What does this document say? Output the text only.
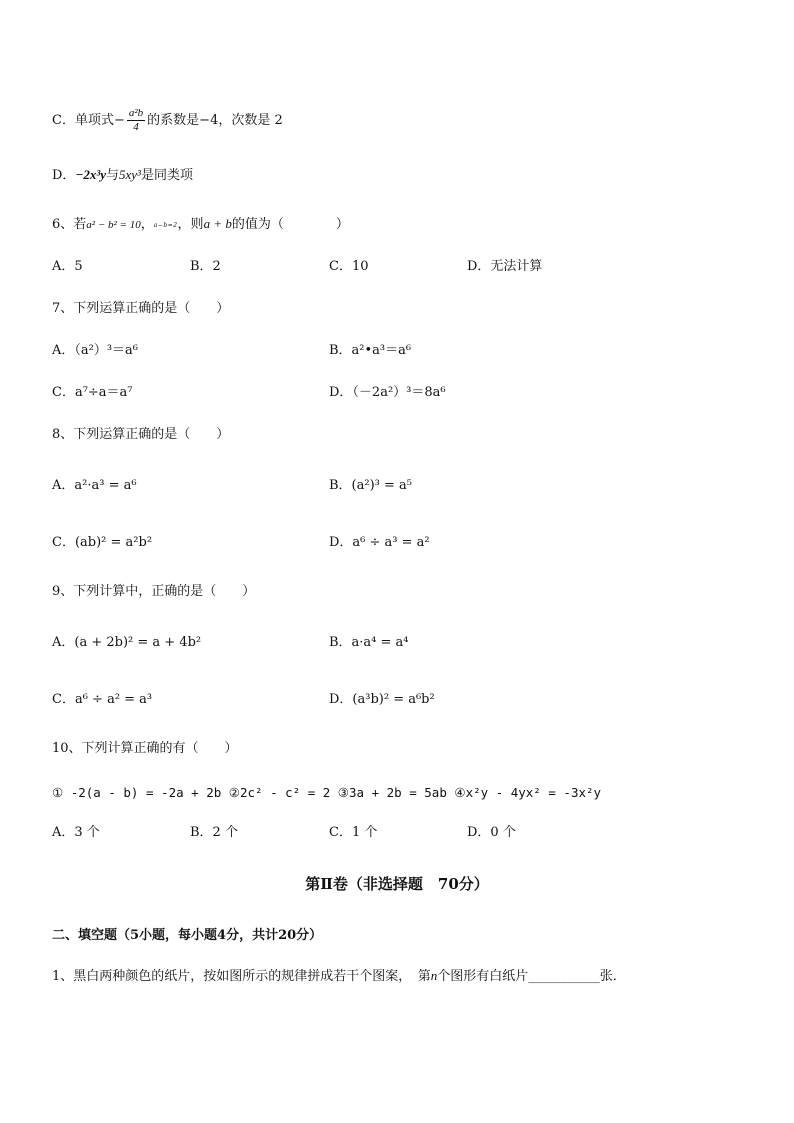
C．单项式− $\frac{\text{a²b}}{4}$ 的系数是−4，次数是 2
D．−2x³y与5xy³是同类项
6、若a² − b² = 10，a−b=2，则a + b的值为（　　　　）
A．5	B．2	C．10	D．无法计算
7、下列运算正确的是（　　）
A．（a²）³＝a⁶	B．a²•a³＝a⁶
C．a⁷÷a＝a⁷	D．（－2a²）³＝8a⁶
8、下列运算正确的是（　　）
A．a²·a³ = a⁶	B．(a²)³ = a⁵
C．(ab)² = a²b²	D．a⁶ ÷ a³ = a²
9、下列计算中，正确的是（　　）
A．(a + 2b)² = a + 4b²	B．a·a⁴ = a⁴
C．a⁶ ÷ a² = a³	D．(a³b)² = a⁶b²
10、下列计算正确的有（　　）
① -2(a - b) = -2a + 2b ②2c² - c² = 2 ③3a + 2b = 5ab ④x²y - 4yx² = -3x²y
A．3 个	B．2 个	C．1 个	D．0 个
第Ⅱ卷（非选择题　70分）
二、填空题（5小题，每小题4分，共计20分）
1、黑白两种颜色的纸片，按如图所示的规律拼成若干个图案，　第n个图形有白纸片___________张．
